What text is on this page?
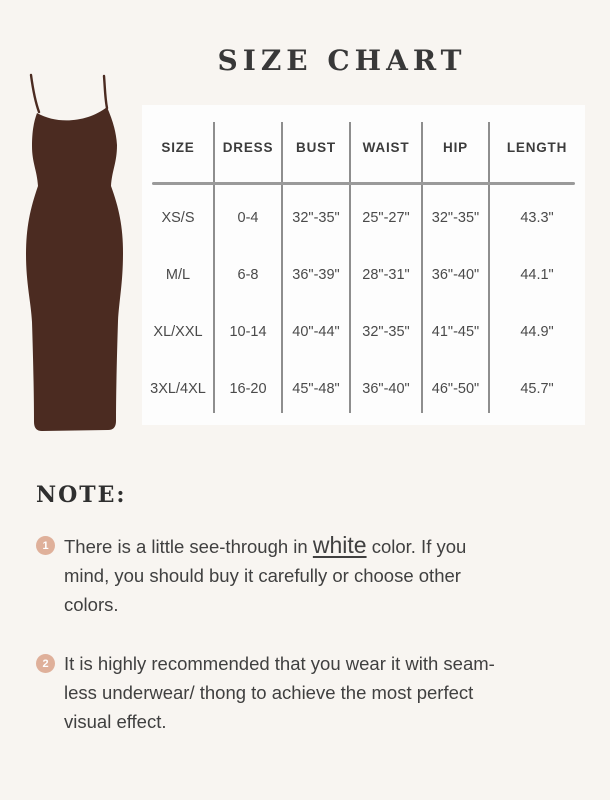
SIZE CHART
SIZE	DRESS	BUST	WAIST	HIP	LENGTH
XS/S	0-4	32"-35"	25"-27"	32"-35"	43.3"
M/L	6-8	36"-39"	28"-31"	36"-40"	44.1"
XL/XXL	10-14	40"-44"	32"-35"	41"-45"	44.9"
3XL/4XL	16-20	45"-48"	36"-40"	46"-50"	45.7"
NOTE:
1 There is a little see-through in white color. If you
mind, you should buy it carefully or choose other
colors.
2 It is highly recommended that you wear it with seam-
less underwear/ thong to achieve the most perfect
visual effect.
